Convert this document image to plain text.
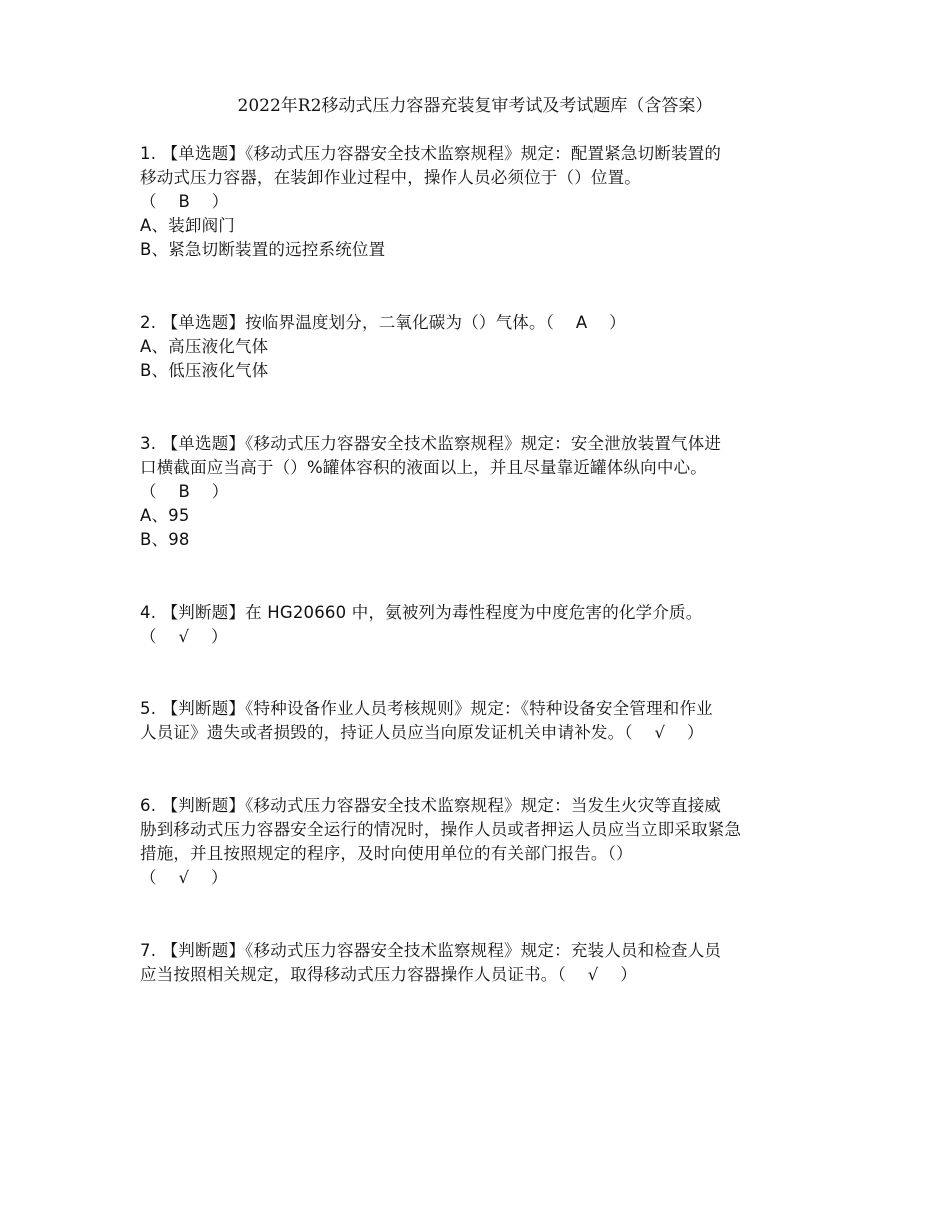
2022年R2移动式压力容器充装复审考试及考试题库（含答案）
1. 【单选题】《移动式压力容器安全技术监察规程》规定：配置紧急切断装置的
移动式压力容器，在装卸作业过程中，操作人员必须位于（）位置。
（    B    ）
A、装卸阀门
B、紧急切断装置的远控系统位置
2. 【单选题】按临界温度划分，二氧化碳为（）气体。（    A    ）
A、高压液化气体
B、低压液化气体
3. 【单选题】《移动式压力容器安全技术监察规程》规定：安全泄放装置气体进
口横截面应当高于（）%罐体容积的液面以上，并且尽量靠近罐体纵向中心。
（    B    ）
A、95
B、98
4. 【判断题】在 HG20660 中，氨被列为毒性程度为中度危害的化学介质。
（    √    ）
5. 【判断题】《特种设备作业人员考核规则》规定：《特种设备安全管理和作业
人员证》遗失或者损毁的，持证人员应当向原发证机关申请补发。（    √    ）
6. 【判断题】《移动式压力容器安全技术监察规程》规定：当发生火灾等直接威
胁到移动式压力容器安全运行的情况时，操作人员或者押运人员应当立即采取紧急
措施，并且按照规定的程序，及时向使用单位的有关部门报告。（）
（    √    ）
7. 【判断题】《移动式压力容器安全技术监察规程》规定：充装人员和检查人员
应当按照相关规定，取得移动式压力容器操作人员证书。（    √    ）
